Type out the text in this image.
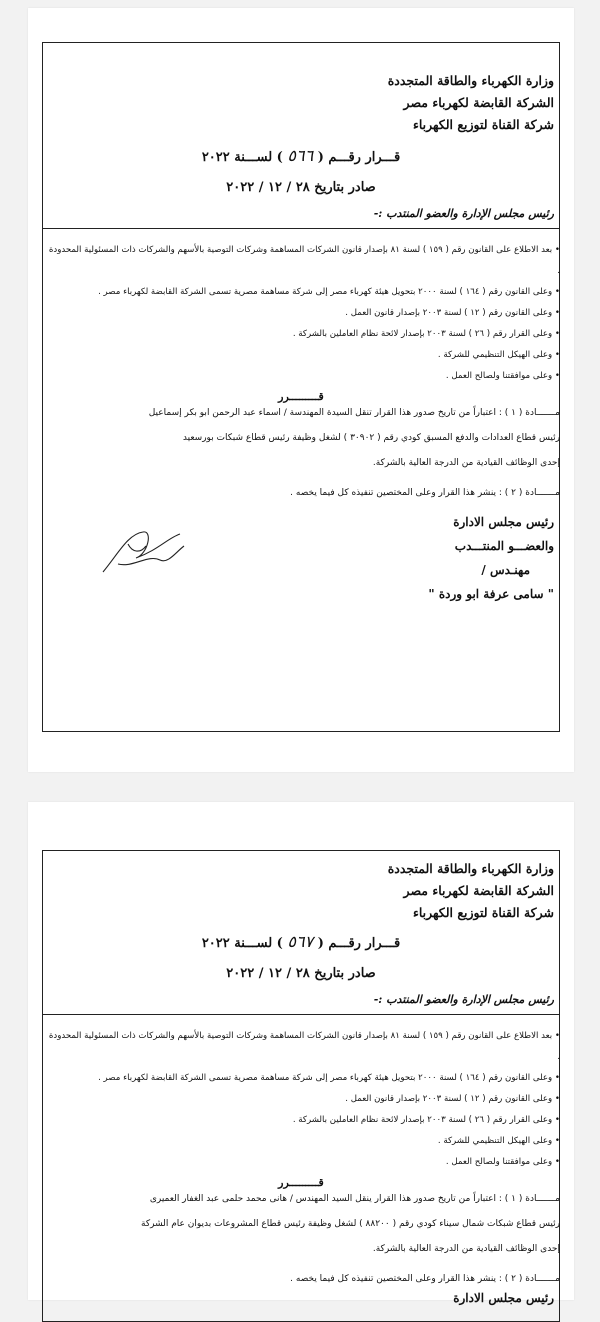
وزارة الكهرباء والطاقة المتجددة
الشركة القابضة لكهرباء مصر
شركة القناة لتوزيع الكهرباء
قـــرار رقـــم ( ٥٦٦ ) لســـنة ٢٠٢٢
صادر بتاريخ ٢٨ / ١٢ / ٢٠٢٢
رئيس مجلس الإدارة والعضو المنتدب :-
• بعد الاطلاع على القانون رقم ( ١٥٩ ) لسنة ٨١ بإصدار قانون الشركات المساهمة وشركات التوصية بالأسهم والشركات ذات المسئولية المحدودة .
• وعلى القانون رقم ( ١٦٤ ) لسنة ٢٠٠٠ بتحويل هيئة كهرباء مصر إلى شركة مساهمة مصرية تسمى الشركة القابضة لكهرباء مصر .
• وعلى القانون رقم ( ١٢ ) لسنة ٢٠٠٣ بإصدار قانون العمل .
• وعلى القرار رقم ( ٢٦ ) لسنة ٢٠٠٣ بإصدار لائحة نظام العاملين بالشركة .
• وعلى الهيكل التنظيمي للشركة .
• وعلى موافقتنا ولصالح العمل .
قـــــــــرر
مـــــــادة ( ١ ) : اعتباراً من تاريخ صدور هذا القرار تنقل السيدة المهندسة / اسماء عبد الرحمن ابو بكر إسماعيل
رئيس قطاع العدادات والدفع المسبق كودي رقم ( ٣٠٩٠٢ ) لشغل وظيفة رئيس قطاع شبكات بورسعيد
إحدى الوظائف القيادية من الدرجة العالية بالشركة.
مـــــــادة ( ٢ ) : ينشر هذا القرار وعلى المختصين تنفيذه كل فيما يخصه .
رئيس مجلس الادارة
والعضـــو المنتـــدب
مهنـدس /
" سامى عرفة ابو وردة "
وزارة الكهرباء والطاقة المتجددة
الشركة القابضة لكهرباء مصر
شركة القناة لتوزيع الكهرباء
قـــرار رقـــم ( ٥٦٧ ) لســـنة ٢٠٢٢
صادر بتاريخ ٢٨ / ١٢ / ٢٠٢٢
رئيس مجلس الإدارة والعضو المنتدب :-
• بعد الاطلاع على القانون رقم ( ١٥٩ ) لسنة ٨١ بإصدار قانون الشركات المساهمة وشركات التوصية بالأسهم والشركات ذات المسئولية المحدودة .
• وعلى القانون رقم ( ١٦٤ ) لسنة ٢٠٠٠ بتحويل هيئة كهرباء مصر إلى شركة مساهمة مصرية تسمى الشركة القابضة لكهرباء مصر .
• وعلى القانون رقم ( ١٢ ) لسنة ٢٠٠٣ بإصدار قانون العمل .
• وعلى القرار رقم ( ٢٦ ) لسنة ٢٠٠٣ بإصدار لائحة نظام العاملين بالشركة .
• وعلى الهيكل التنظيمي للشركة .
• وعلى موافقتنا ولصالح العمل .
قـــــــــرر
مـــــــادة ( ١ ) : اعتباراً من تاريخ صدور هذا القرار ينقل السيد المهندس / هانى محمد حلمى عبد الغفار العميرى
رئيس قطاع شبكات شمال سيناء كودي رقم ( ٨٨٢٠٠ ) لشغل وظيفة رئيس قطاع المشروعات بديوان عام الشركة
إحدى الوظائف القيادية من الدرجة العالية بالشركة.
مـــــــادة ( ٢ ) : ينشر هذا القرار وعلى المختصين تنفيذه كل فيما يخصه .
رئيس مجلس الادارة
